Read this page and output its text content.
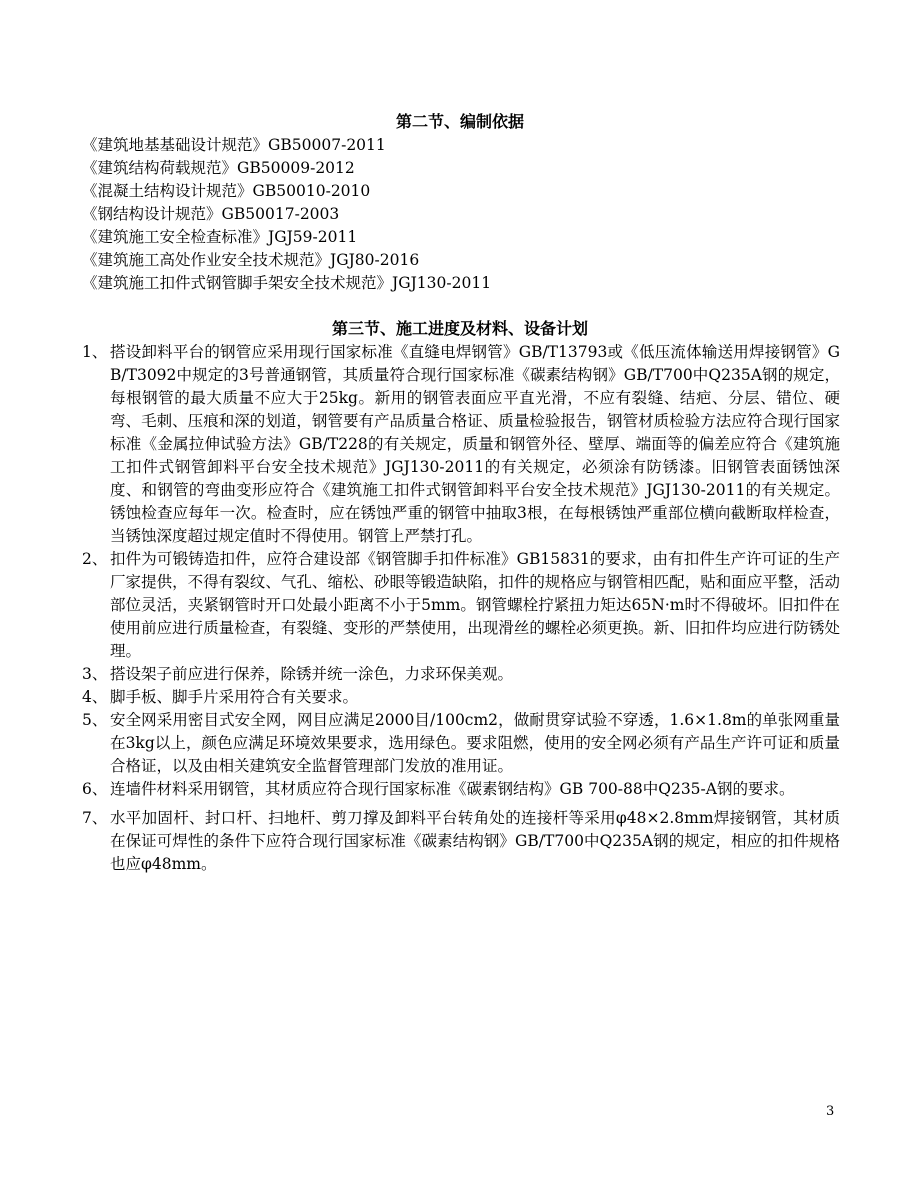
第二节、编制依据
《建筑地基基础设计规范》GB50007-2011
《建筑结构荷载规范》GB50009-2012
《混凝土结构设计规范》GB50010-2010
《钢结构设计规范》GB50017-2003
《建筑施工安全检查标准》JGJ59-2011
《建筑施工高处作业安全技术规范》JGJ80-2016
《建筑施工扣件式钢管脚手架安全技术规范》JGJ130-2011
第三节、施工进度及材料、设备计划
1、 搭设卸料平台的钢管应采用现行国家标准《直缝电焊钢管》GB/T13793或《低压流体输送用焊接钢管》GB/T3092中规定的3号普通钢管，其质量符合现行国家标准《碳素结构钢》GB/T700中Q235A钢的规定，每根钢管的最大质量不应大于25kg。新用的钢管表面应平直光滑，不应有裂缝、结疤、分层、错位、硬弯、毛刺、压痕和深的划道，钢管要有产品质量合格证、质量检验报告，钢管材质检验方法应符合现行国家标准《金属拉伸试验方法》GB/T228的有关规定，质量和钢管外径、壁厚、端面等的偏差应符合《建筑施工扣件式钢管卸料平台安全技术规范》JGJ130-2011的有关规定，必须涂有防锈漆。旧钢管表面锈蚀深度、和钢管的弯曲变形应符合《建筑施工扣件式钢管卸料平台安全技术规范》JGJ130-2011的有关规定。锈蚀检查应每年一次。检查时，应在锈蚀严重的钢管中抽取3根，在每根锈蚀严重部位横向截断取样检查，当锈蚀深度超过规定值时不得使用。钢管上严禁打孔。
2、 扣件为可锻铸造扣件，应符合建设部《钢管脚手扣件标准》GB15831的要求，由有扣件生产许可证的生产厂家提供，不得有裂纹、气孔、缩松、砂眼等锻造缺陷，扣件的规格应与钢管相匹配，贴和面应平整，活动部位灵活，夹紧钢管时开口处最小距离不小于5mm。钢管螺栓拧紧扭力矩达65N·m时不得破坏。旧扣件在使用前应进行质量检查，有裂缝、变形的严禁使用，出现滑丝的螺栓必须更换。新、旧扣件均应进行防锈处理。
3、 搭设架子前应进行保养，除锈并统一涂色，力求环保美观。
4、 脚手板、脚手片采用符合有关要求。
5、 安全网采用密目式安全网，网目应满足2000目/100cm2，做耐贯穿试验不穿透，1.6×1.8m的单张网重量在3kg以上，颜色应满足环境效果要求，选用绿色。要求阻燃，使用的安全网必须有产品生产许可证和质量合格证，以及由相关建筑安全监督管理部门发放的准用证。
6、 连墙件材料采用钢管，其材质应符合现行国家标准《碳素钢结构》GB 700-88中Q235-A钢的要求。
7、 水平加固杆、封口杆、扫地杆、剪刀撑及卸料平台转角处的连接杆等采用φ48×2.8mm焊接钢管，其材质在保证可焊性的条件下应符合现行国家标准《碳素结构钢》GB/T700中Q235A钢的规定，相应的扣件规格也应φ48mm。
3
